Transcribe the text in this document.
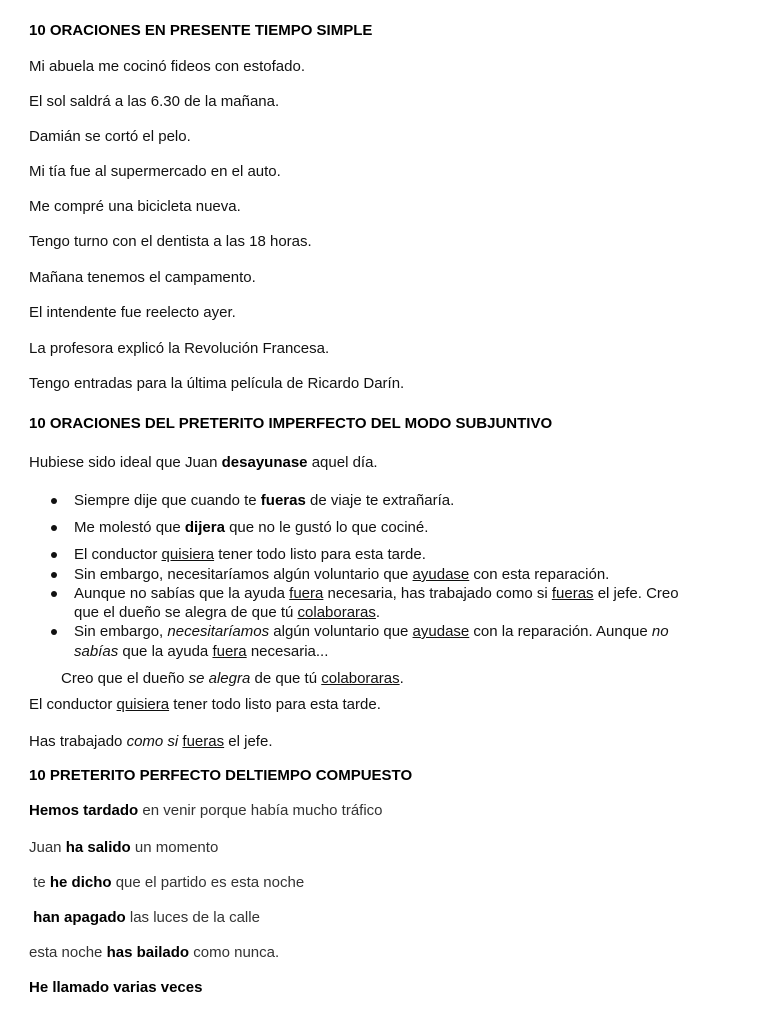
10 ORACIONES EN PRESENTE TIEMPO SIMPLE
Mi abuela me cocinó fideos con estofado.
El sol saldrá a las 6.30 de la mañana.
Damián se cortó el pelo.
Mi tía fue al supermercado en el auto.
Me compré una bicicleta nueva.
Tengo turno con el dentista a las 18 horas.
Mañana tenemos el campamento.
El intendente fue reelecto ayer.
La profesora explicó la Revolución Francesa.
Tengo entradas para la última película de Ricardo Darín.
10 ORACIONES DEL PRETERITO IMPERFECTO DEL MODO SUBJUNTIVO
Hubiese sido ideal que Juan desayunase aquel día.
Siempre dije que cuando te fueras de viaje te extrañaría.
Me molestó que dijera que no le gustó lo que cociné.
El conductor quisiera tener todo listo para esta tarde.
Sin embargo, necesitaríamos algún voluntario que ayudase con esta reparación.
Aunque no sabías que la ayuda fuera necesaria, has trabajado como si fueras el jefe. Creo
que el dueño se alegra de que tú colaboraras.
Sin embargo, necesitaríamos algún voluntario que ayudase con la reparación. Aunque no
sabías que la ayuda fuera necesaria...
Creo que el dueño se alegra de que tú colaboraras.
El conductor quisiera tener todo listo para esta tarde.
Has trabajado como si fueras el jefe.
10 PRETERITO PERFECTO DELTIEMPO COMPUESTO
Hemos tardado en venir porque había mucho tráfico
Juan ha salido un momento
te he dicho que el partido es esta noche
han apagado las luces de la calle
esta noche has bailado como nunca.
He llamado varias veces
